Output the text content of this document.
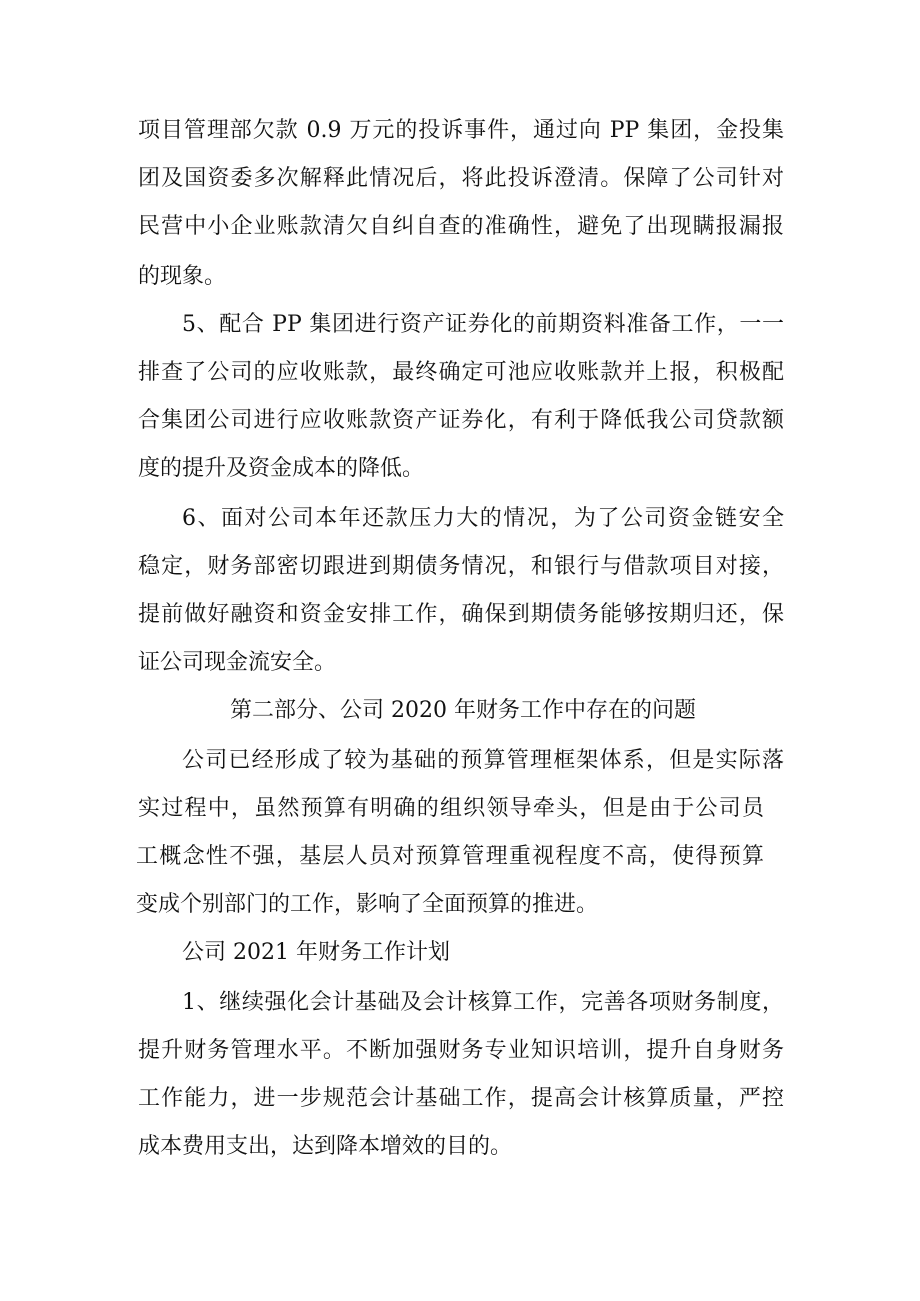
项目管理部欠款 0.9 万元的投诉事件，通过向 PP 集团，金投集
团及国资委多次解释此情况后，将此投诉澄清。保障了公司针对
民营中小企业账款清欠自纠自查的准确性，避免了出现瞒报漏报
的现象。
5、配合 PP 集团进行资产证券化的前期资料准备工作，一一
排查了公司的应收账款，最终确定可池应收账款并上报，积极配
合集团公司进行应收账款资产证券化，有利于降低我公司贷款额
度的提升及资金成本的降低。
6、面对公司本年还款压力大的情况，为了公司资金链安全
稳定，财务部密切跟进到期债务情况，和银行与借款项目对接，
提前做好融资和资金安排工作，确保到期债务能够按期归还，保
证公司现金流安全。
第二部分、公司 2020 年财务工作中存在的问题
公司已经形成了较为基础的预算管理框架体系，但是实际落
实过程中，虽然预算有明确的组织领导牵头，但是由于公司员
工概念性不强，基层人员对预算管理重视程度不高，使得预算
变成个别部门的工作，影响了全面预算的推进。
公司 2021 年财务工作计划
1、继续强化会计基础及会计核算工作，完善各项财务制度，
提升财务管理水平。不断加强财务专业知识培训，提升自身财务
工作能力，进一步规范会计基础工作，提高会计核算质量，严控
成本费用支出，达到降本增效的目的。
